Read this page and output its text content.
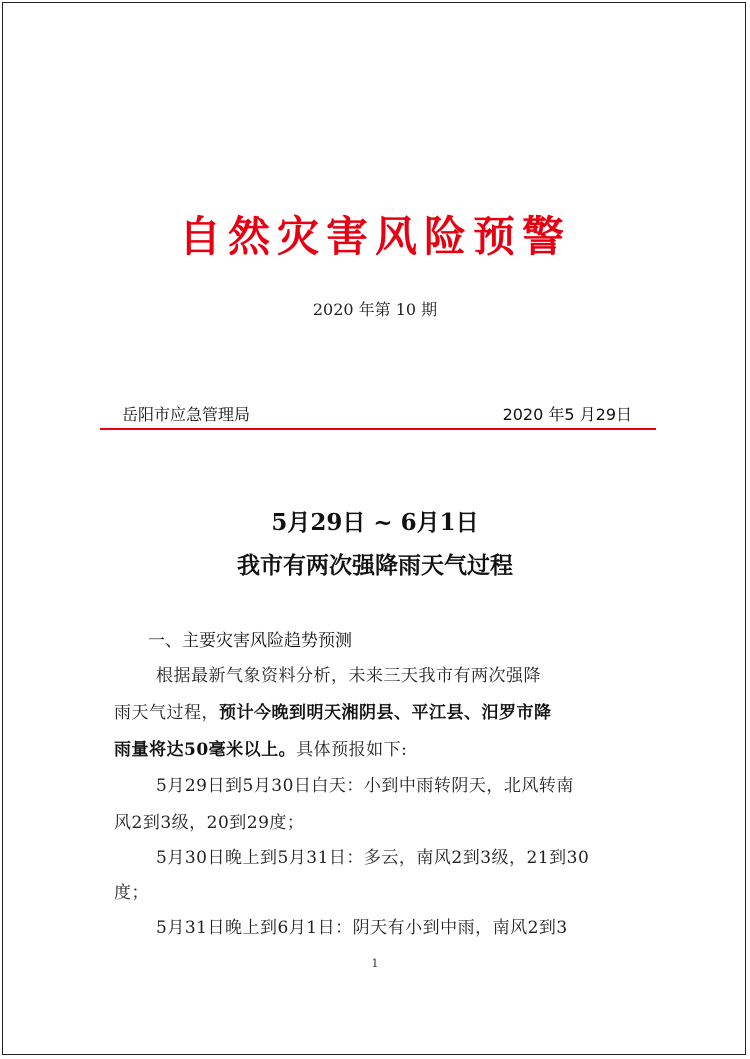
自然灾害风险预警
2020 年第 10 期
岳阳市应急管理局	2020 年5 月29日
5月29日 ~ 6月1日
我市有两次强降雨天气过程
一、主要灾害风险趋势预测
根据最新气象资料分析，未来三天我市有两次强降
雨天气过程，预计今晚到明天湘阴县、平江县、汨罗市降
雨量将达50毫米以上。具体预报如下:
5月29日到5月30日白天：小到中雨转阴天，北风转南
风2到3级，20到29度；
5月30日晚上到5月31日：多云，南风2到3级，21到30
度；
5月31日晚上到6月1日：阴天有小到中雨，南风2到3
1
